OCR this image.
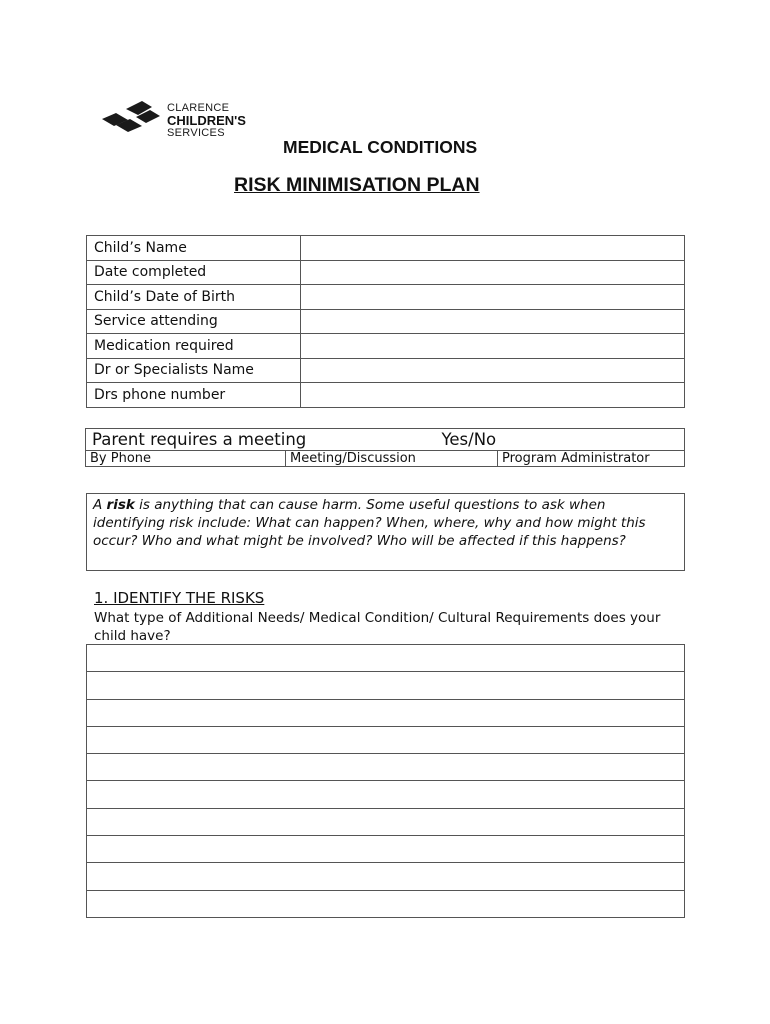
CLARENCE
CHILDREN'S
SERVICES
MEDICAL CONDITIONS
RISK MINIMISATION PLAN
Child’s Name	
Date completed	
Child’s Date of Birth	
Service attending	
Medication required	
Dr or Specialists Name	
Drs phone number	
Parent requires a meeting	Yes/No

By Phone	Meeting/Discussion	Program Administrator
A risk is anything that can cause harm. Some useful questions to ask when identifying risk include: What can happen? When, where, why and how might this occur? Who and what might be involved? Who will be affected if this happens?
1. IDENTIFY THE RISKS
What type of Additional Needs/ Medical Condition/ Cultural Requirements does your child have?
